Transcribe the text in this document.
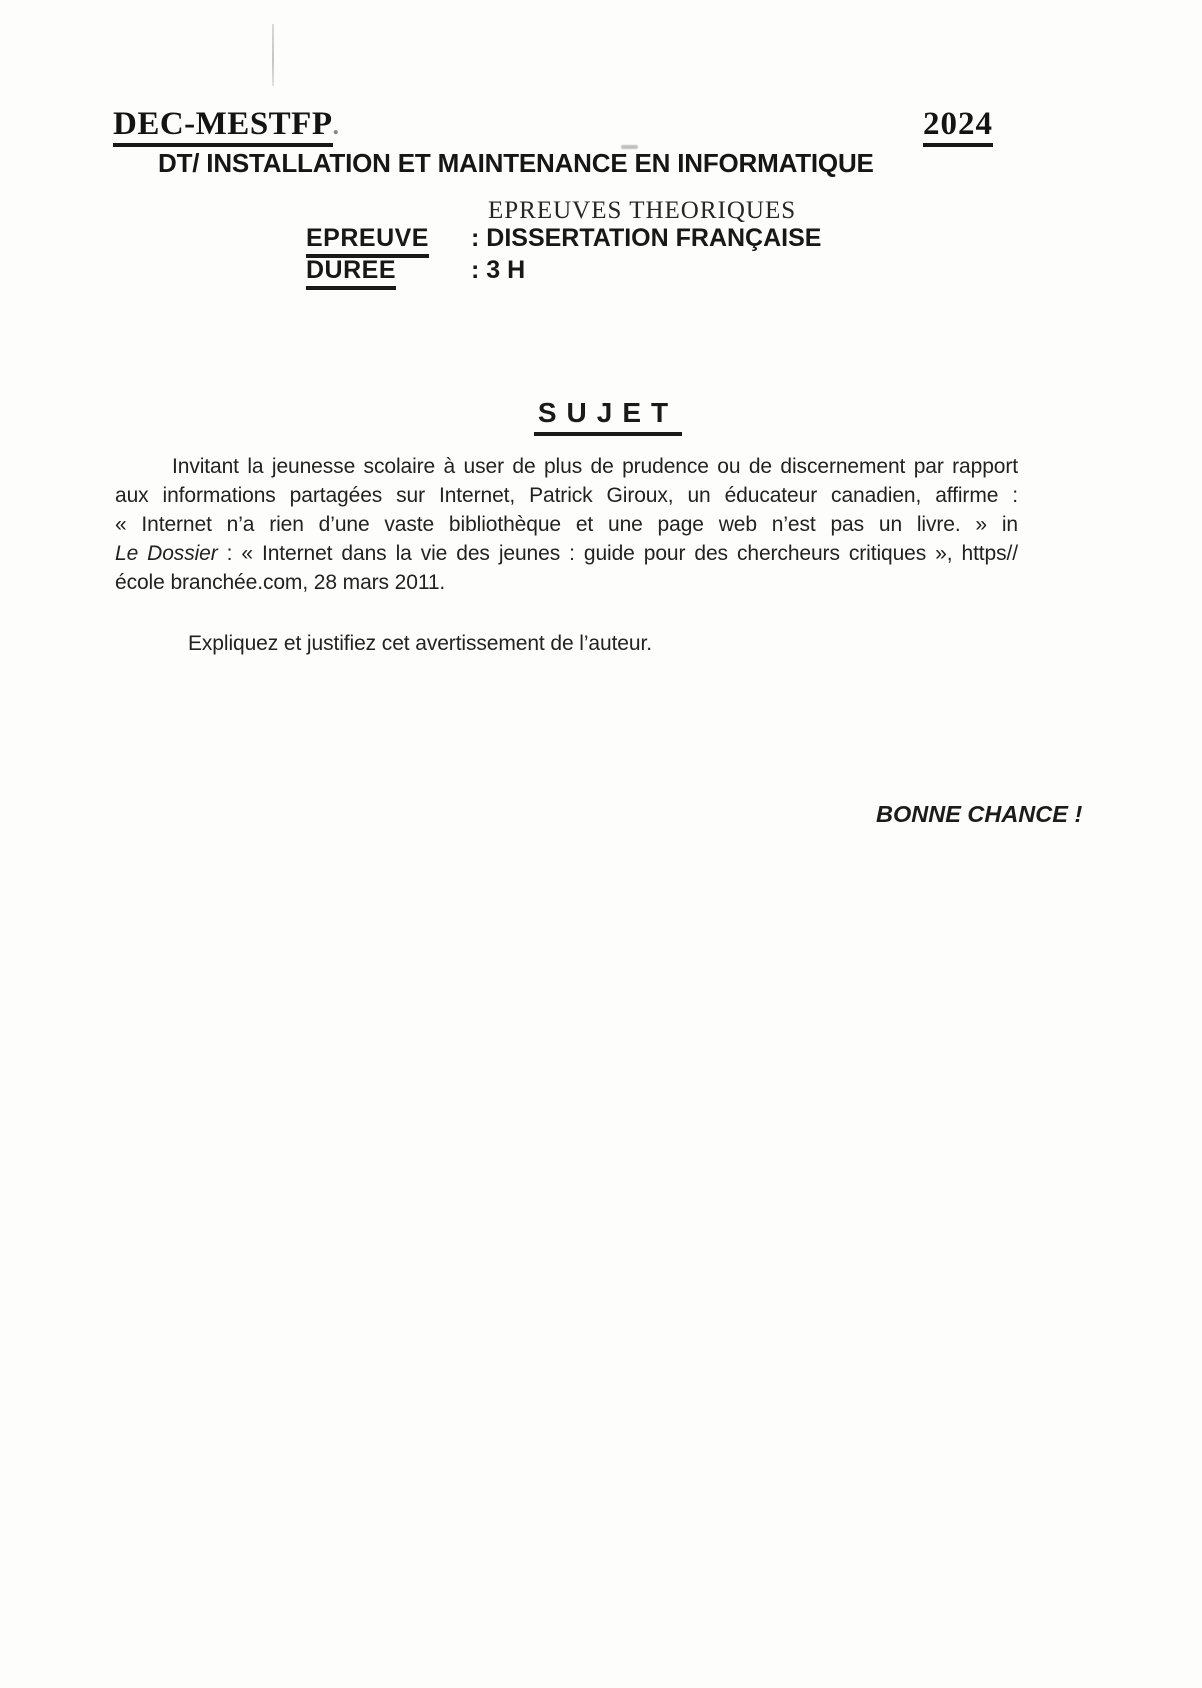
DEC-MESTFP.	2024
DT/ INSTALLATION ET MAINTENANCE EN INFORMATIQUE
EPREUVES THEORIQUES
EPREUVE : DISSERTATION FRANÇAISE
DUREE	: 3 H
SUJET
Invitant la jeunesse scolaire à user de plus de prudence ou de discernement par rapport
aux informations partagées sur Internet, Patrick Giroux, un éducateur canadien, affirme :
« Internet n’a rien d’une vaste bibliothèque et une page web n’est pas un livre. » in
Le Dossier : « Internet dans la vie des jeunes : guide pour des chercheurs critiques », https//
école branchée.com, 28 mars 2011.
Expliquez et justifiez cet avertissement de l’auteur.
BONNE CHANCE !
